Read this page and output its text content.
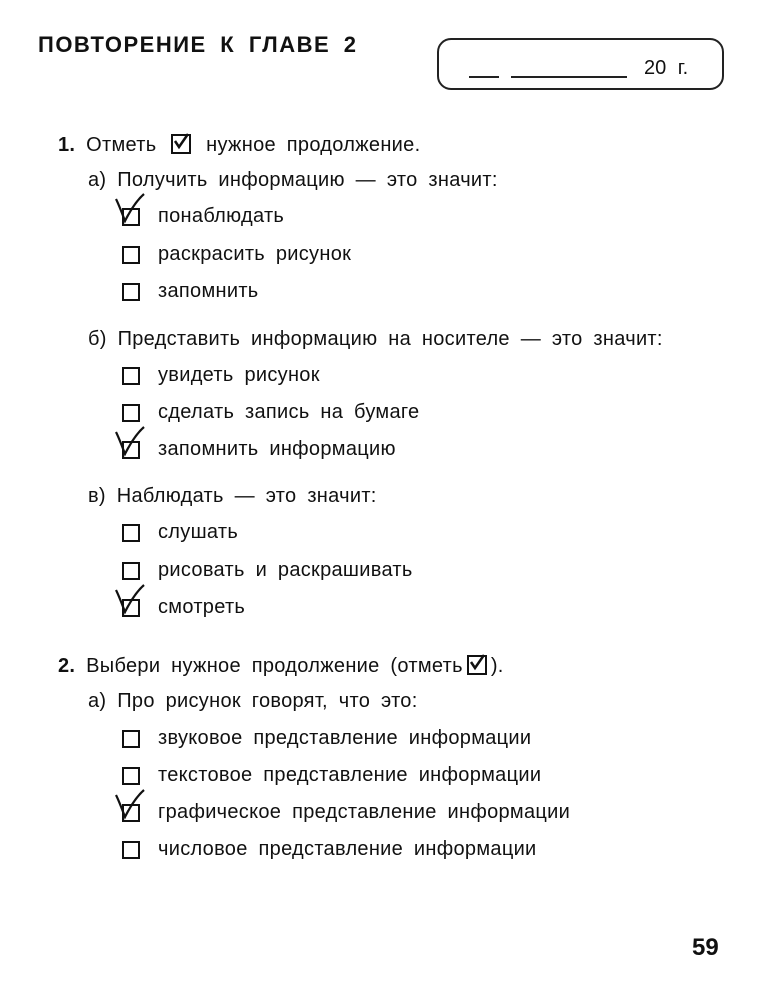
ПОВТОРЕНИЕ К ГЛАВЕ 2
20 г.
1. Отметь нужное продолжение.
а) Получить информацию — это значит:
понаблюдать
раскрасить рисунок
запомнить
б) Представить информацию на носителе — это значит:
увидеть рисунок
сделать запись на бумаге
запомнить информацию
в) Наблюдать — это значит:
слушать
рисовать и раскрашивать
смотреть
2. Выбери нужное продолжение (отметь ).
а) Про рисунок говорят, что это:
звуковое представление информации
текстовое представление информации
графическое представление информации
числовое представление информации
59
